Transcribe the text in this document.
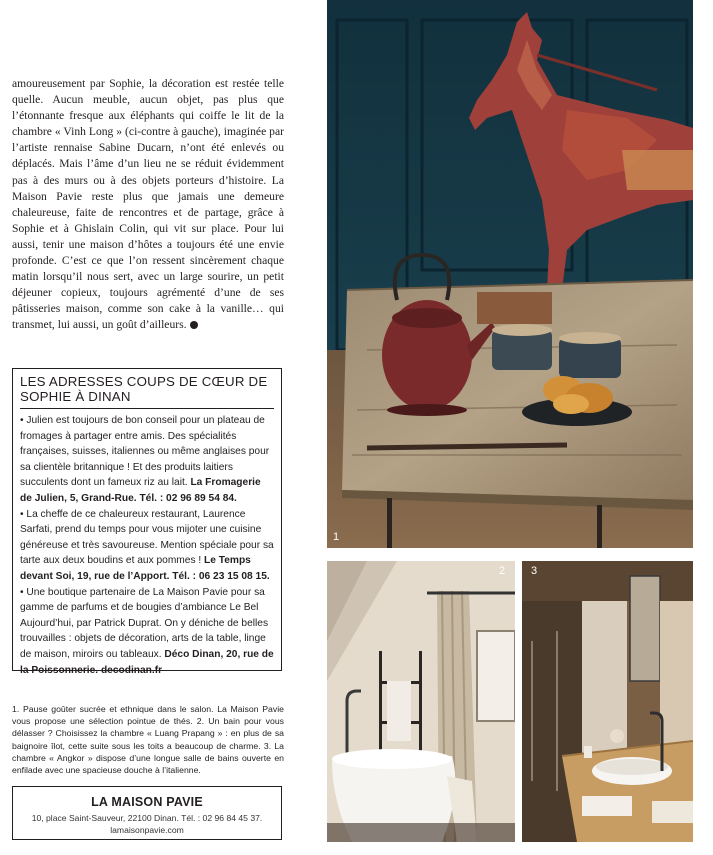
amoureusement par Sophie, la décoration est restée telle quelle. Aucun meuble, aucun objet, pas plus que l’étonnante fresque aux éléphants qui coiffe le lit de la chambre « Vinh Long » (ci-contre à gauche), imaginée par l’artiste rennaise Sabine Ducarn, n’ont été enlevés ou déplacés. Mais l’âme d’un lieu ne se réduit évidemment pas à des murs ou à des objets porteurs d’histoire. La Maison Pavie reste plus que jamais une demeure chaleureuse, faite de rencontres et de partage, grâce à Sophie et à Ghislain Colin, qui vit sur place. Pour lui aussi, tenir une maison d’hôtes a toujours été une envie profonde. C’est ce que l’on ressent sincèrement chaque matin lorsqu’il nous sert, avec un large sourire, un petit déjeuner copieux, toujours agrémenté d’une de ses pâtisseries maison, comme son cake à la vanille… qui transmet, lui aussi, un goût d’ailleurs.

LES ADRESSES COUPS DE CŒUR DE SOPHIE À DINAN

• Julien est toujours de bon conseil pour un plateau de fromages à partager entre amis. Des spécialités françaises, suisses, italiennes ou même anglaises pour sa clientèle britannique ! Et des produits laitiers succulents dont un fameux riz au lait. La Fromagerie de Julien, 5, Grand-Rue. Tél. : 02 96 89 54 84.

• La cheffe de ce chaleureux restaurant, Laurence Sarfati, prend du temps pour vous mijoter une cuisine généreuse et très savoureuse. Mention spéciale pour sa tarte aux deux boudins et aux pommes ! Le Temps devant Soi, 19, rue de l’Apport. Tél. : 06 23 15 08 15.

• Une boutique partenaire de La Maison Pavie pour sa gamme de parfums et de bougies d’ambiance Le Bel Aujourd’hui, par Patrick Duprat. On y déniche de belles trouvailles : objets de décoration, arts de la table, linge de maison, miroirs ou tableaux. Déco Dinan, 20, rue de la Poissonnerie. decodinan.fr

1. Pause goûter sucrée et ethnique dans le salon. La Maison Pavie vous propose une sélection pointue de thés. 2. Un bain pour vous délasser ? Choisissez la chambre « Luang Prapang » : en plus de sa baignoire îlot, cette suite sous les toits a beaucoup de charme. 3. La chambre « Angkor » dispose d’une longue salle de bains ouverte en enfilade avec une spacieuse douche à l’italienne.

LA MAISON PAVIE
10, place Saint-Sauveur, 22100 Dinan. Tél. : 02 96 84 45 37.
lamaisonpavie.com
1
2 3
